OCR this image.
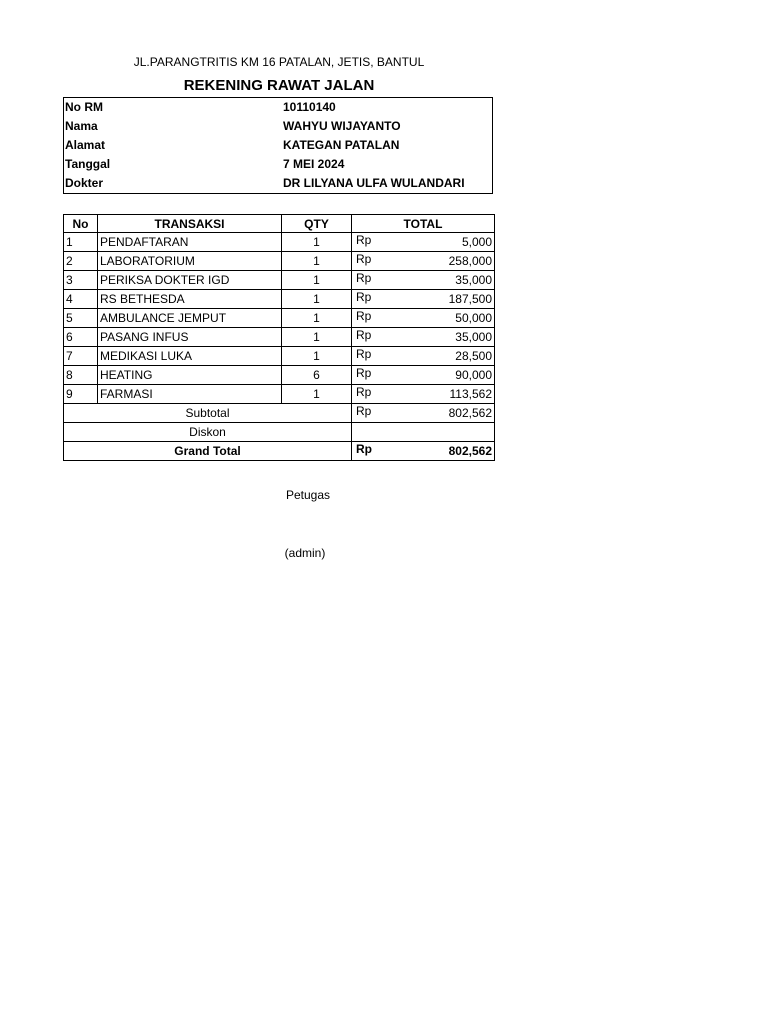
JL.PARANGTRITIS KM 16 PATALAN, JETIS, BANTUL
REKENING RAWAT JALAN
No RM	10110140
Nama	WAHYU WIJAYANTO
Alamat	KATEGAN PATALAN
Tanggal	7 MEI 2024
Dokter	DR LILYANA ULFA WULANDARI
No	TRANSAKSI	QTY	TOTAL
1	PENDAFTARAN	1	Rp 5,000

2	LABORATORIUM	1	Rp 258,000

3	PERIKSA DOKTER IGD	1	Rp 35,000

4	RS BETHESDA	1	Rp 187,500

5	AMBULANCE JEMPUT	1	Rp 50,000

6	PASANG INFUS	1	Rp 35,000

7	MEDIKASI LUKA	1	Rp 28,500

8	HEATING	6	Rp 90,000

9	FARMASI	1	Rp 113,562

Subtotal			Rp 802,562

Diskon			

Grand Total			Rp 802,562
Petugas
(admin)
